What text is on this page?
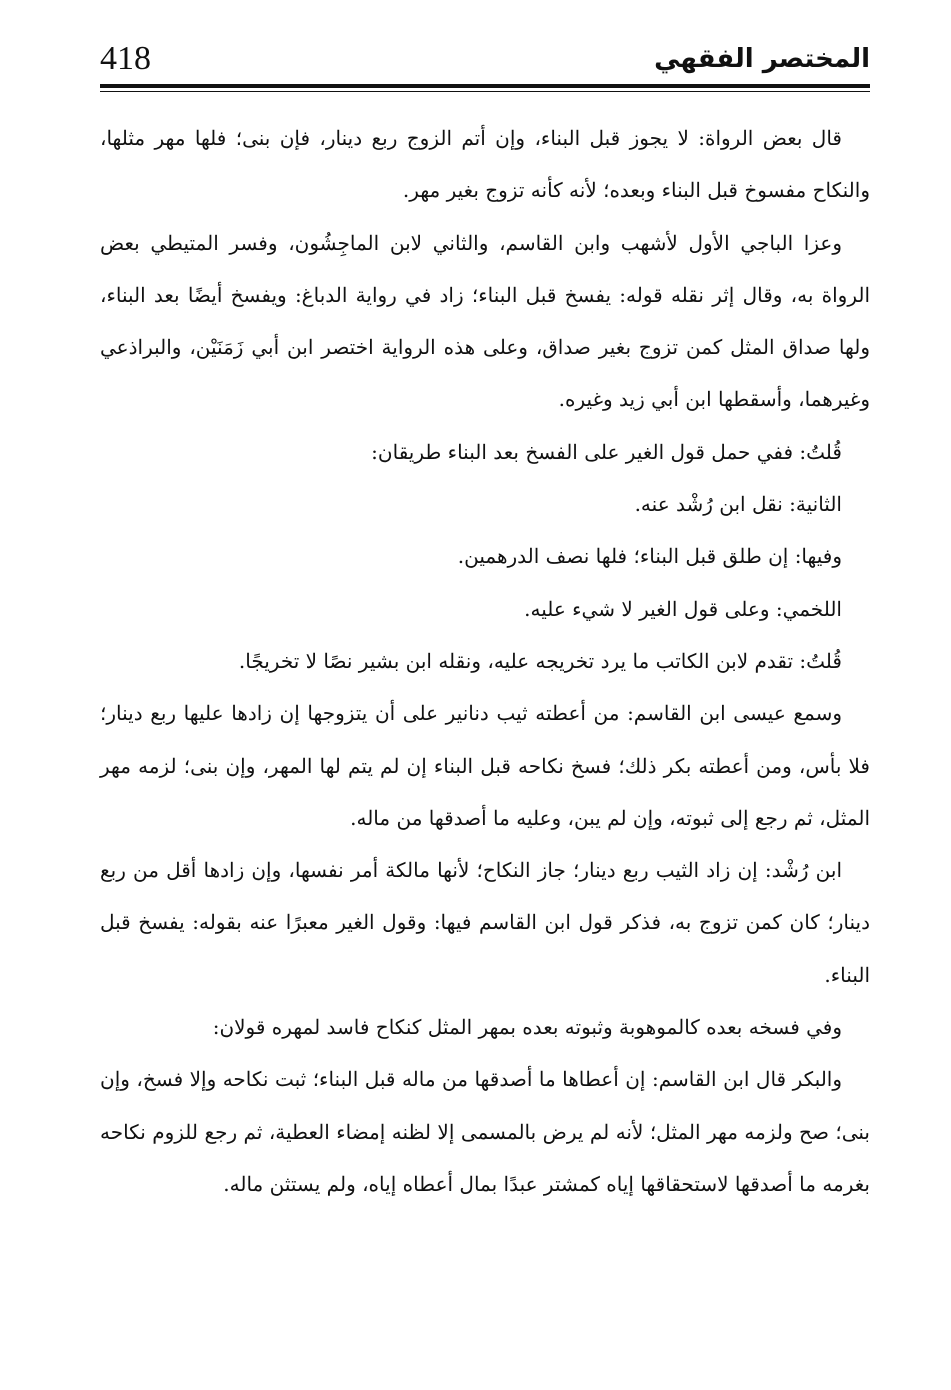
418	المختصر الفقهي

قال بعض الرواة: لا يجوز قبل البناء، وإن أتم الزوج ربع دينار، فإن بنى؛ فلها مهر مثلها، والنكاح مفسوخ قبل البناء وبعده؛ لأنه كأنه تزوج بغير مهر.

وعزا الباجي الأول لأشهب وابن القاسم، والثاني لابن الماجِشُون، وفسر المتيطي بعض الرواة به، وقال إثر نقله قوله: يفسخ قبل البناء؛ زاد في رواية الدباغ: ويفسخ أيضًا بعد البناء، ولها صداق المثل كمن تزوج بغير صداق، وعلى هذه الرواية اختصر ابن أبي زَمَنَيْن، والبراذعي وغيرهما، وأسقطها ابن أبي زيد وغيره.

قُلتُ: ففي حمل قول الغير على الفسخ بعد البناء طريقان:

الثانية: نقل ابن رُشْد عنه.

وفيها: إن طلق قبل البناء؛ فلها نصف الدرهمين.

اللخمي: وعلى قول الغير لا شيء عليه.

قُلتُ: تقدم لابن الكاتب ما يرد تخريجه عليه، ونقله ابن بشير نصًا لا تخريجًا.

وسمع عيسى ابن القاسم: من أعطته ثيب دنانير على أن يتزوجها إن زادها عليها ربع دينار؛ فلا بأس، ومن أعطته بكر ذلك؛ فسخ نكاحه قبل البناء إن لم يتم لها المهر، وإن بنى؛ لزمه مهر المثل، ثم رجع إلى ثبوته، وإن لم يبن، وعليه ما أصدقها من ماله.

ابن رُشْد: إن زاد الثيب ربع دينار؛ جاز النكاح؛ لأنها مالكة أمر نفسها، وإن زادها أقل من ربع دينار؛ كان كمن تزوج به، فذكر قول ابن القاسم فيها: وقول الغير معبرًا عنه بقوله: يفسخ قبل البناء.

وفي فسخه بعده كالموهوبة وثبوته بعده بمهر المثل كنكاح فاسد لمهره قولان:

والبكر قال ابن القاسم: إن أعطاها ما أصدقها من ماله قبل البناء؛ ثبت نكاحه وإلا فسخ، وإن بنى؛ صح ولزمه مهر المثل؛ لأنه لم يرض بالمسمى إلا لظنه إمضاء العطية، ثم رجع للزوم نكاحه بغرمه ما أصدقها لاستحقاقها إياه كمشتر عبدًا بمال أعطاه إياه، ولم يستثن ماله.
